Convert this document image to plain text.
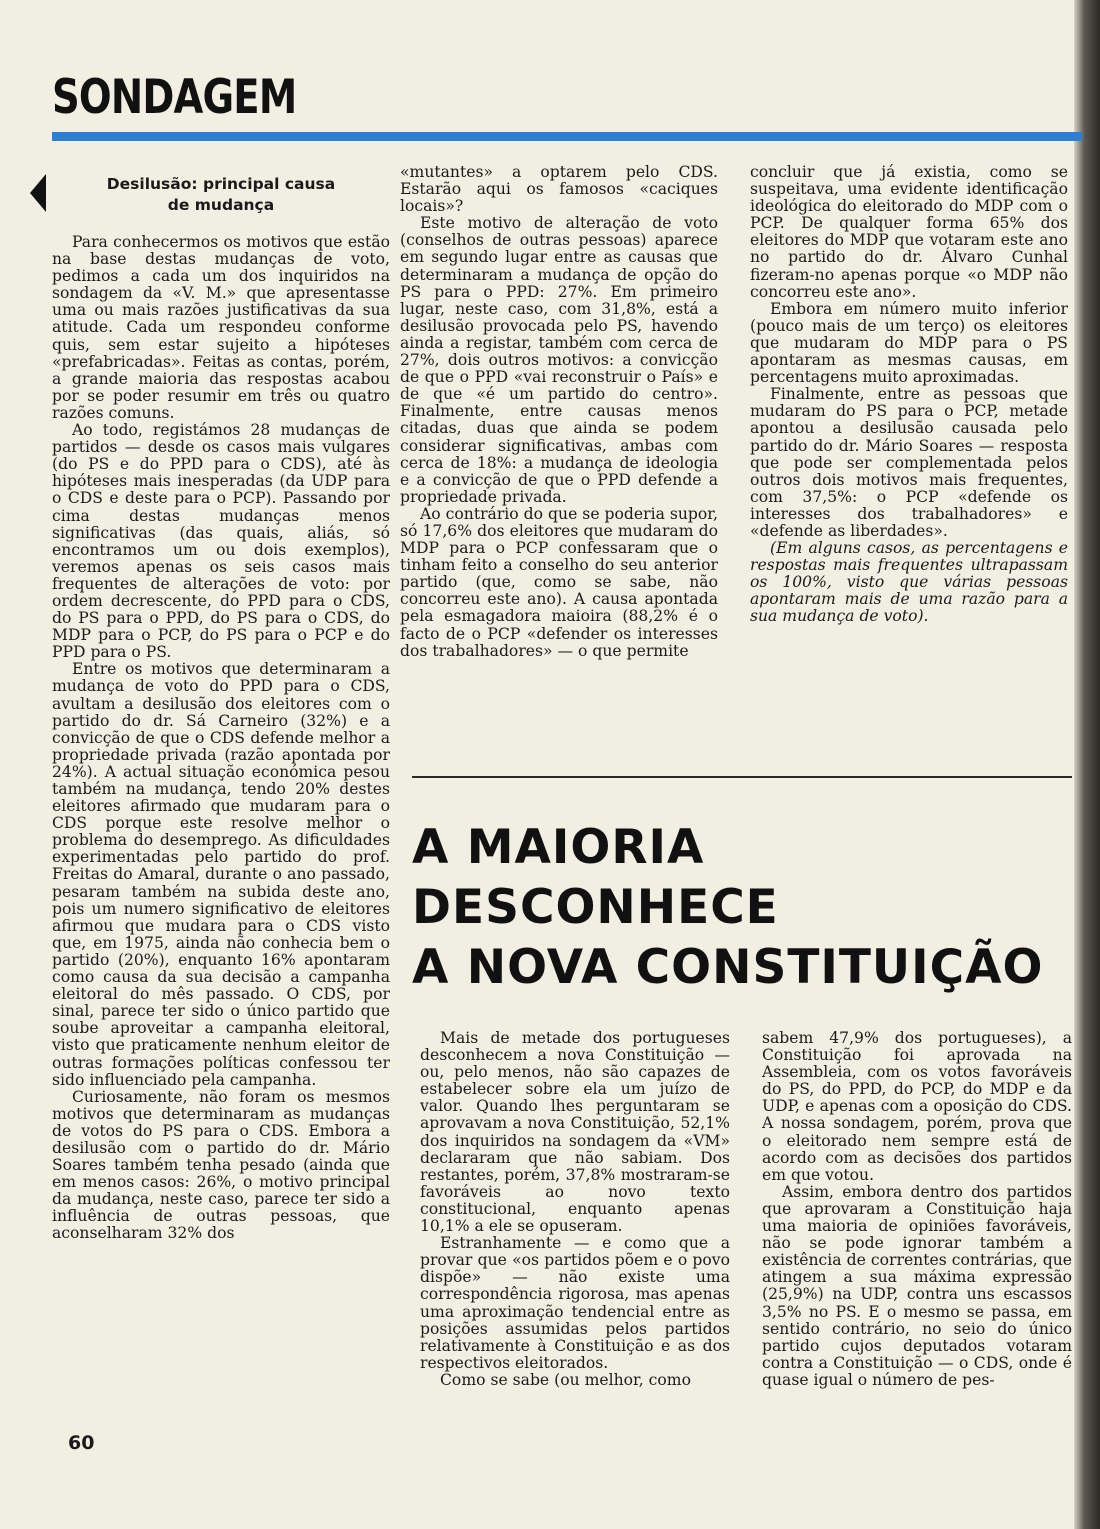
SONDAGEM
Desilusão: principal causa de mudança

Para conhecermos os motivos que estão na base destas mudanças de voto, pedimos a cada um dos inquiridos na sondagem da «V. M.» que apresentasse uma ou mais razões justificativas da sua atitude. Cada um respondeu conforme quis, sem estar sujeito a hipóteses «prefabricadas». Feitas as contas, porém, a grande maioria das respostas acabou por se poder resumir em três ou quatro razões comuns.

Ao todo, registámos 28 mudanças de partidos — desde os casos mais vulgares (do PS e do PPD para o CDS), até às hipóteses mais inesperadas (da UDP para o CDS e deste para o PCP). Passando por cima destas mudanças menos significativas (das quais, aliás, só encontramos um ou dois exemplos), veremos apenas os seis casos mais frequentes de alterações de voto: por ordem decrescente, do PPD para o CDS, do PS para o PPD, do PS para o CDS, do MDP para o PCP, do PS para o PCP e do PPD para o PS.

Entre os motivos que determinaram a mudança de voto do PPD para o CDS, avultam a desilusão dos eleitores com o partido do dr. Sá Carneiro (32%) e a convicção de que o CDS defende melhor a propriedade privada (razão apontada por 24%). A actual situação económica pesou também na mudança, tendo 20% destes eleitores afirmado que mudaram para o CDS porque este resolve melhor o problema do desemprego. As dificuldades experimentadas pelo partido do prof. Freitas do Amaral, durante o ano passado, pesaram também na subida deste ano, pois um numero significativo de eleitores afirmou que mudara para o CDS visto que, em 1975, ainda não conhecia bem o partido (20%), enquanto 16% apontaram como causa da sua decisão a campanha eleitoral do mês passado. O CDS, por sinal, parece ter sido o único partido que soube aproveitar a campanha eleitoral, visto que praticamente nenhum eleitor de outras formações políticas confessou ter sido influenciado pela campanha.

Curiosamente, não foram os mesmos motivos que determinaram as mudanças de votos do PS para o CDS. Embora a desilusão com o partido do dr. Mário Soares também tenha pesado (ainda que em menos casos: 26%, o motivo principal da mudança, neste caso, parece ter sido a influência de outras pessoas, que aconselharam 32% dos

«mutantes» a optarem pelo CDS. Estarão aqui os famosos «caciques locais»?

Este motivo de alteração de voto (conselhos de outras pessoas) aparece em segundo lugar entre as causas que determinaram a mudança de opção do PS para o PPD: 27%. Em primeiro lugar, neste caso, com 31,8%, está a desilusão provocada pelo PS, havendo ainda a registar, também com cerca de 27%, dois outros motivos: a convicção de que o PPD «vai reconstruir o País» e de que «é um partido do centro». Finalmente, entre causas menos citadas, duas que ainda se podem considerar significativas, ambas com cerca de 18%: a mudança de ideologia e a convicção de que o PPD defende a propriedade privada.

Ao contrário do que se poderia supor, só 17,6% dos eleitores que mudaram do MDP para o PCP confessaram que o tinham feito a conselho do seu anterior partido (que, como se sabe, não concorreu este ano). A causa apontada pela esmagadora maioira (88,2% é o facto de o PCP «defender os interesses dos trabalhadores» — o que permite

concluir que já existia, como se suspeitava, uma evidente identificação ideológica do eleitorado do MDP com o PCP. De qualquer forma 65% dos eleitores do MDP que votaram este ano no partido do dr. Álvaro Cunhal fizeram-no apenas porque «o MDP não concorreu este ano».

Embora em número muito inferior (pouco mais de um terço) os eleitores que mudaram do MDP para o PS apontaram as mesmas causas, em percentagens muito aproximadas.

Finalmente, entre as pessoas que mudaram do PS para o PCP, metade apontou a desilusão causada pelo partido do dr. Mário Soares — resposta que pode ser complementada pelos outros dois motivos mais frequentes, com 37,5%: o PCP «defende os interesses dos trabalhadores» e «defende as liberdades».

(Em alguns casos, as percentagens e respostas mais frequentes ultrapassam os 100%, visto que várias pessoas apontaram mais de uma razão para a sua mudança de voto).

A MAIORIA
DESCONHECE
A NOVA CONSTITUIÇÃO

Mais de metade dos portugueses desconhecem a nova Constituição — ou, pelo menos, não são capazes de estabelecer sobre ela um juízo de valor. Quando lhes perguntaram se aprovavam a nova Constituição, 52,1% dos inquiridos na sondagem da «VM» declararam que não sabiam. Dos restantes, porém, 37,8% mostraram-se favoráveis ao novo texto constitucional, enquanto apenas 10,1% a ele se opuseram.

Estranhamente — e como que a provar que «os partidos põem e o povo dispõe» — não existe uma correspondência rigorosa, mas apenas uma aproximação tendencial entre as posições assumidas pelos partidos relativamente à Constituição e as dos respectivos eleitorados.

Como se sabe (ou melhor, como

sabem 47,9% dos portugueses), a Constituição foi aprovada na Assembleia, com os votos favoráveis do PS, do PPD, do PCP, do MDP e da UDP, e apenas com a oposição do CDS. A nossa sondagem, porém, prova que o eleitorado nem sempre está de acordo com as decisões dos partidos em que votou.

Assim, embora dentro dos partidos que aprovaram a Constituição haja uma maioria de opiniões favoráveis, não se pode ignorar também a existência de correntes contrárias, que atingem a sua máxima expressão (25,9%) na UDP, contra uns escassos 3,5% no PS. E o mesmo se passa, em sentido contrário, no seio do único partido cujos deputados votaram contra a Constituição — o CDS, onde é quase igual o número de pes-

60
